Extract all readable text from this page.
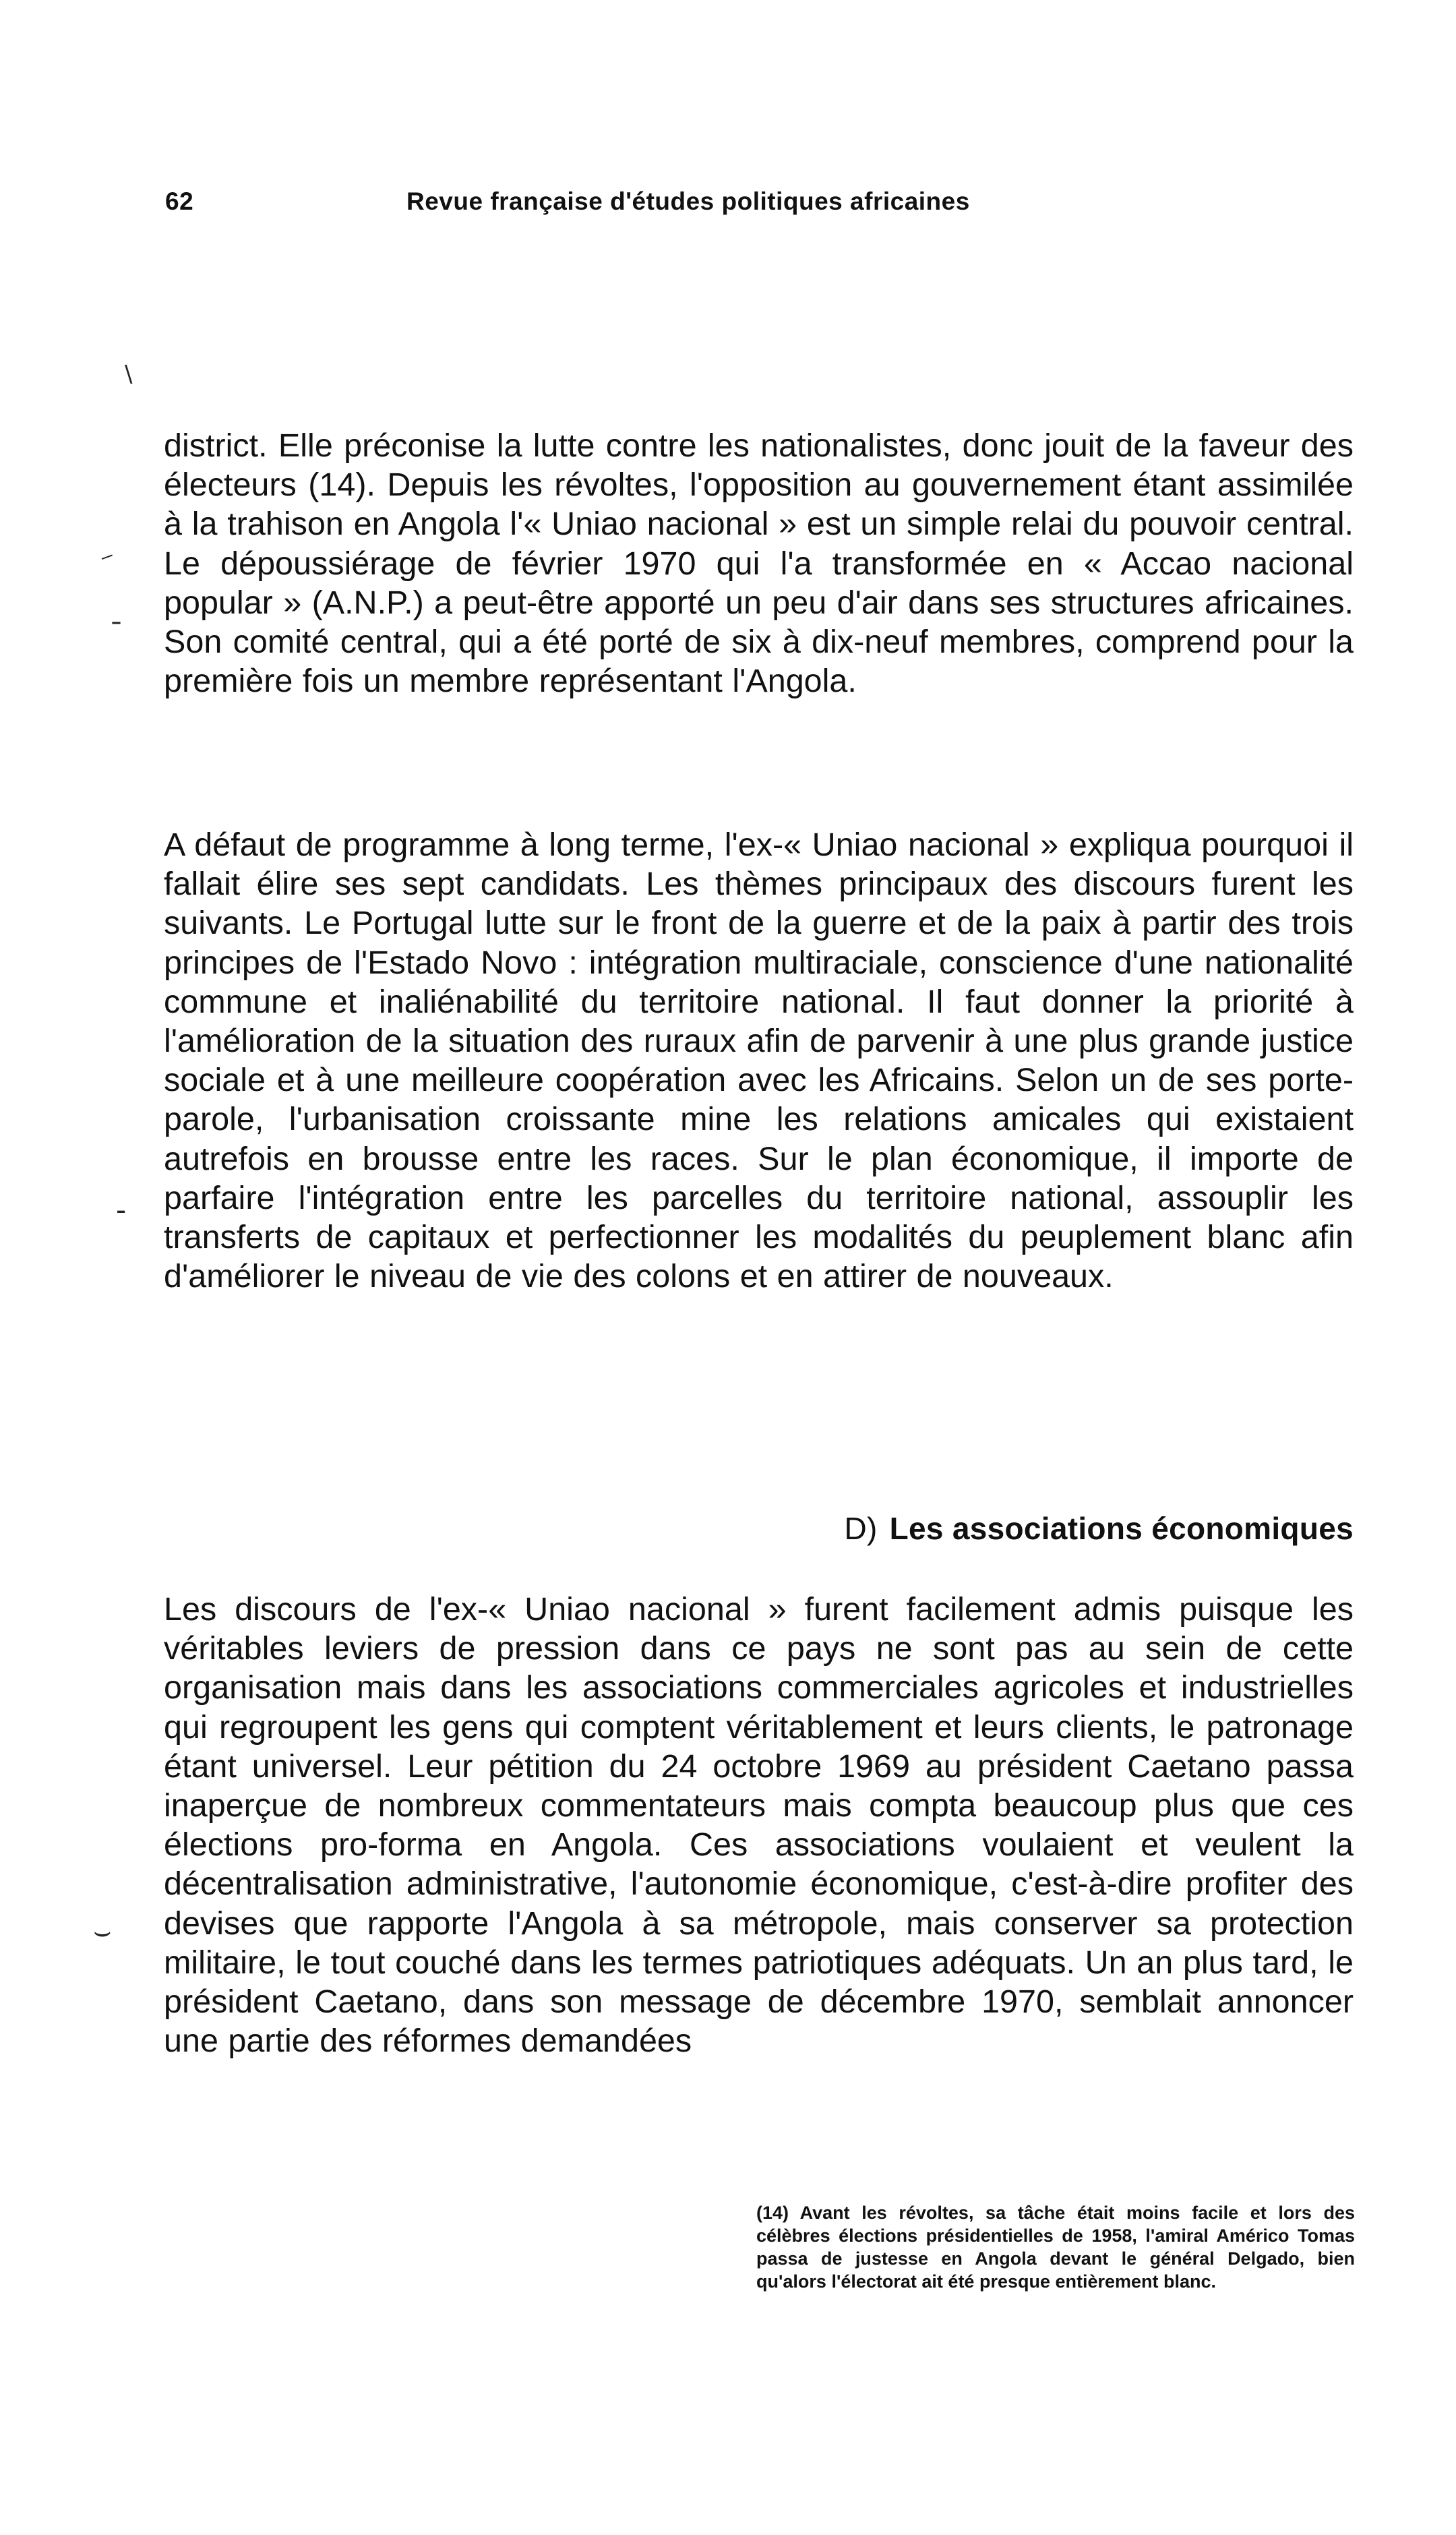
62	Revue française d'études politiques africaines
\
⁻
ˍ
-
⌣

district. Elle préconise la lutte contre les nationalistes, donc jouit de la faveur des électeurs (14). Depuis les révoltes, l'opposition au gouvernement étant assimilée à la trahison en Angola l'« Uniao nacional » est un simple relai du pouvoir central. Le dépoussiérage de février 1970 qui l'a transformée en « Accao nacional popular » (A.N.P.) a peut-être apporté un peu d'air dans ses structures africaines. Son comité central, qui a été porté de six à dix-neuf membres, comprend pour la première fois un membre représentant l'Angola.

A défaut de programme à long terme, l'ex-« Uniao nacional » expliqua pourquoi il fallait élire ses sept candidats. Les thèmes principaux des discours furent les suivants. Le Portugal lutte sur le front de la guerre et de la paix à partir des trois principes de l'Estado Novo : intégration multiraciale, conscience d'une nationalité commune et inaliénabilité du territoire national. Il faut donner la priorité à l'amélioration de la situation des ruraux afin de parvenir à une plus grande justice sociale et à une meilleure coopération avec les Africains. Selon un de ses porte-parole, l'urbanisation croissante mine les relations amicales qui existaient autrefois en brousse entre les races. Sur le plan économique, il importe de parfaire l'intégration entre les parcelles du territoire national, assouplir les transferts de capitaux et perfectionner les modalités du peuplement blanc afin d'améliorer le niveau de vie des colons et en attirer de nouveaux.

D) Les associations économiques

Les discours de l'ex-« Uniao nacional » furent facilement admis puisque les véritables leviers de pression dans ce pays ne sont pas au sein de cette organisation mais dans les associations commerciales agricoles et industrielles qui regroupent les gens qui comptent véritablement et leurs clients, le patronage étant universel. Leur pétition du 24 octobre 1969 au président Caetano passa inaperçue de nombreux commentateurs mais compta beaucoup plus que ces élections pro-forma en Angola. Ces associations voulaient et veulent la décentralisation administrative, l'autonomie économique, c'est-à-dire profiter des devises que rapporte l'Angola à sa métropole, mais conserver sa protection militaire, le tout couché dans les termes patriotiques adéquats. Un an plus tard, le président Caetano, dans son message de décembre 1970, semblait annoncer une partie des réformes demandées

(14) Avant les révoltes, sa tâche était moins facile et lors des célèbres élections présidentielles de 1958, l'amiral Américo Tomas passa de justesse en Angola devant le général Delgado, bien qu'alors l'électorat ait été presque entièrement blanc.
